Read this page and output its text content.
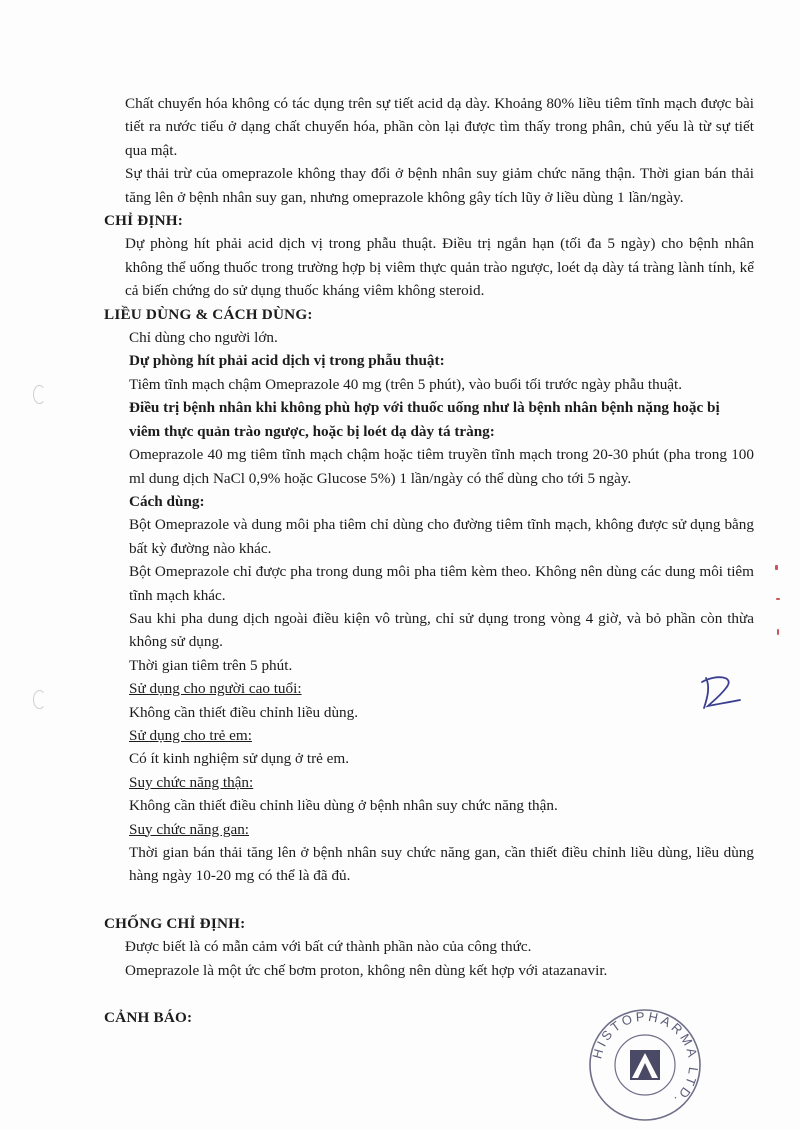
Chất chuyển hóa không có tác dụng trên sự tiết acid dạ dày. Khoảng 80% liều tiêm tĩnh mạch được bài tiết ra nước tiểu ở dạng chất chuyển hóa, phần còn lại được tìm thấy trong phân, chủ yếu là từ sự tiết qua mật.
Sự thải trừ của omeprazole không thay đổi ở bệnh nhân suy giảm chức năng thận. Thời gian bán thải tăng lên ở bệnh nhân suy gan, nhưng omeprazole không gây tích lũy ở liều dùng 1 lần/ngày.
CHỈ ĐỊNH:
Dự phòng hít phải acid dịch vị trong phẫu thuật. Điều trị ngắn hạn (tối đa 5 ngày) cho bệnh nhân không thể uống thuốc trong trường hợp bị viêm thực quản trào ngược, loét dạ dày tá tràng lành tính, kể cả biến chứng do sử dụng thuốc kháng viêm không steroid.
LIỀU DÙNG & CÁCH DÙNG:
Chỉ dùng cho người lớn.
Dự phòng hít phải acid dịch vị trong phẫu thuật:
Tiêm tĩnh mạch chậm Omeprazole 40 mg (trên 5 phút), vào buổi tối trước ngày phẫu thuật.
Điều trị bệnh nhân khi không phù hợp với thuốc uống như là bệnh nhân bệnh nặng hoặc bị viêm thực quản trào ngược, hoặc bị loét dạ dày tá tràng:
Omeprazole 40 mg tiêm tĩnh mạch chậm hoặc tiêm truyền tĩnh mạch trong 20-30 phút (pha trong 100 ml dung dịch NaCl 0,9% hoặc Glucose 5%) 1 lần/ngày có thể dùng cho tới 5 ngày.
Cách dùng:
Bột Omeprazole và dung môi pha tiêm chỉ dùng cho đường tiêm tĩnh mạch, không được sử dụng bằng bất kỳ đường nào khác.
Bột Omeprazole chỉ được pha trong dung môi pha tiêm kèm theo. Không nên dùng các dung môi tiêm tĩnh mạch khác.
Sau khi pha dung dịch ngoài điều kiện vô trùng, chỉ sử dụng trong vòng 4 giờ, và bỏ phần còn thừa không sử dụng.
Thời gian tiêm trên 5 phút.
Sử dụng cho người cao tuổi:
Không cần thiết điều chỉnh liều dùng.
Sử dụng cho trẻ em:
Có ít kinh nghiệm sử dụng ở trẻ em.
Suy chức năng thận:
Không cần thiết điều chỉnh liều dùng ở bệnh nhân suy chức năng thận.
Suy chức năng gan:
Thời gian bán thải tăng lên ở bệnh nhân suy chức năng gan, cần thiết điều chỉnh liều dùng, liều dùng hàng ngày 10-20 mg có thể là đã đủ.
CHỐNG CHỈ ĐỊNH:
Được biết là có mẫn cảm với bất cứ thành phần nào của công thức.
Omeprazole là một ức chế bơm proton, không nên dùng kết hợp với atazanavir.
CẢNH BÁO:
HISTOPHARMA LTD.
